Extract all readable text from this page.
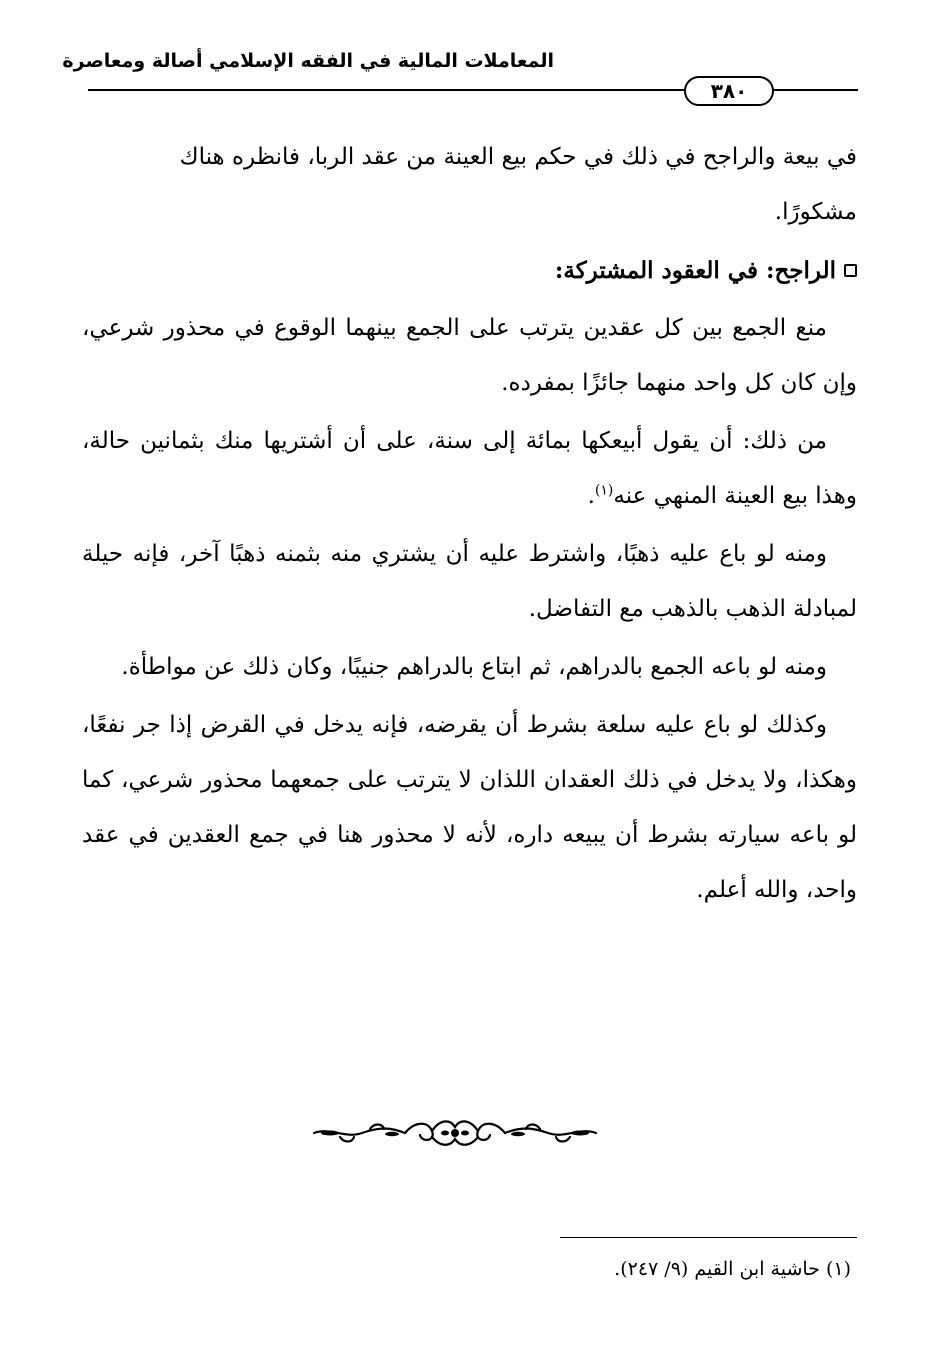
المعاملات المالية في الفقه الإسلامي أصالة ومعاصرة
٣٨٠

في بيعة والراجح في ذلك في حكم بيع العينة من عقد الربا، فانظره هناك
مشكورًا.

الراجح: في العقود المشتركة:

منع الجمع بين كل عقدين يترتب على الجمع بينهما الوقوع في محذور شرعي، وإن كان كل واحد منهما جائزًا بمفرده.

من ذلك: أن يقول أبيعكها بمائة إلى سنة، على أن أشتريها منك بثمانين حالة، وهذا بيع العينة المنهي عنه$^{(١)}$.

ومنه لو باع عليه ذهبًا، واشترط عليه أن يشتري منه بثمنه ذهبًا آخر، فإنه حيلة لمبادلة الذهب بالذهب مع التفاضل.

ومنه لو باعه الجمع بالدراهم، ثم ابتاع بالدراهم جنيبًا، وكان ذلك عن مواطأة.

وكذلك لو باع عليه سلعة بشرط أن يقرضه، فإنه يدخل في القرض إذا جر نفعًا، وهكذا، ولا يدخل في ذلك العقدان اللذان لا يترتب على جمعهما محذور شرعي، كما لو باعه سيارته بشرط أن يبيعه داره، لأنه لا محذور هنا في جمع العقدين في عقد واحد، والله أعلم.

(١) حاشية ابن القيم (٩/ ٢٤٧).
